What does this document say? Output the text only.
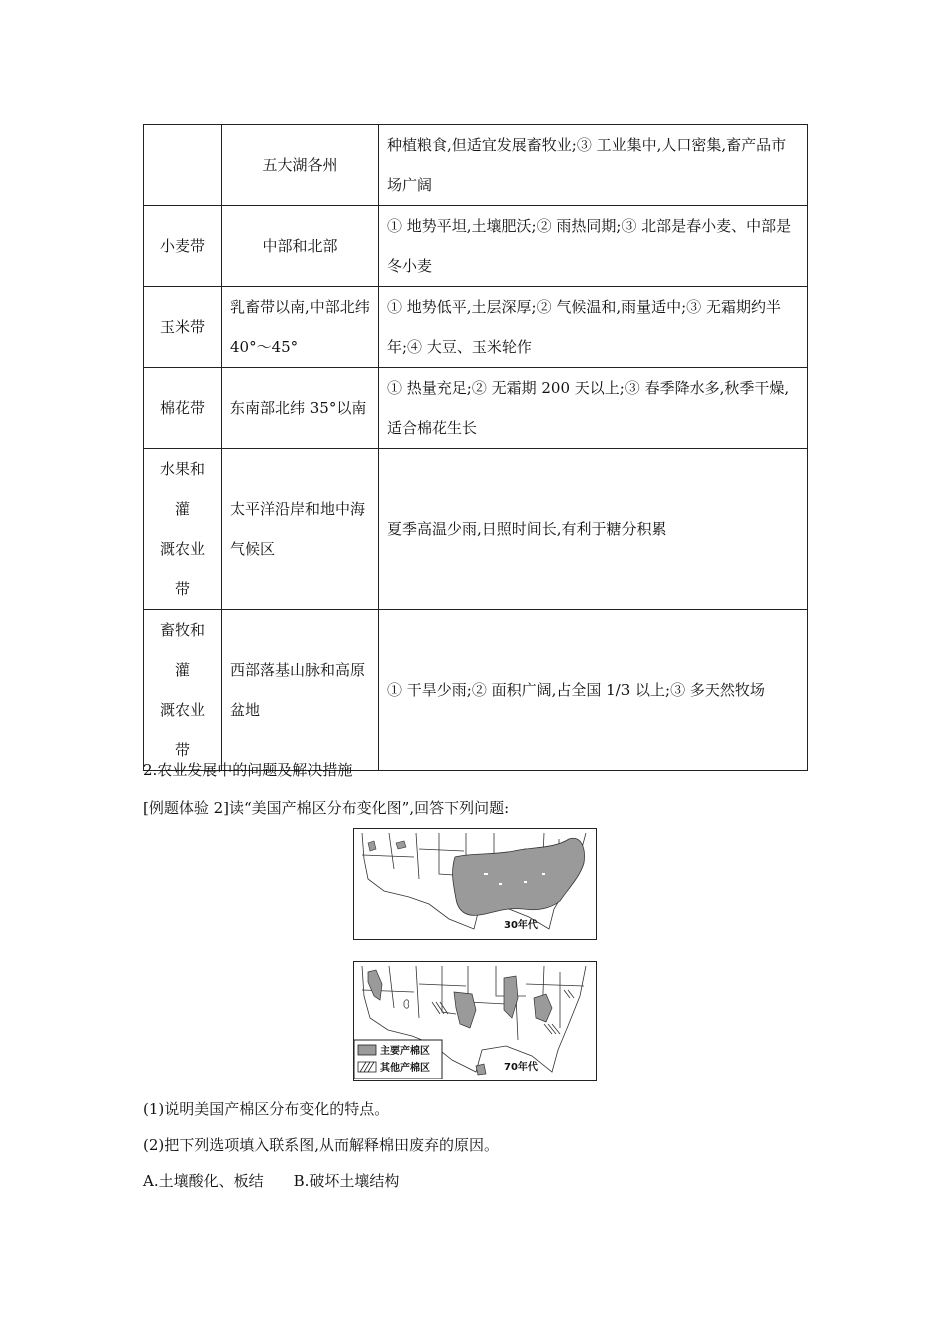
	五大湖各州	种植粮食,但适宜发展畜牧业;③ 工业集中,人口密集,畜产品市场广阔

小麦带	中部和北部	① 地势平坦,土壤肥沃;② 雨热同期;③ 北部是春小麦、中部是冬小麦

玉米带	乳畜带以南,中部北纬 40°～45°	① 地势低平,土层深厚;② 气候温和,雨量适中;③ 无霜期约半年;④ 大豆、玉米轮作

棉花带	东南部北纬 35°以南	① 热量充足;② 无霜期 200 天以上;③ 春季降水多,秋季干燥,适合棉花生长

水果和
灌
溉农业
带	太平洋沿岸和地中海气候区	夏季高温少雨,日照时间长,有利于糖分积累

畜牧和
灌
溉农业
带	西部落基山脉和高原盆地	① 干旱少雨;② 面积广阔,占全国 1/3 以上;③ 多天然牧场
2.农业发展中的问题及解决措施
[例题体验 2]读“美国产棉区分布变化图”,回答下列问题:
30年代
主要产棉区
其他产棉区	70年代
(1)说明美国产棉区分布变化的特点。
(2)把下列选项填入联系图,从而解释棉田废弃的原因。
A.土壤酸化、板结 B.破坏土壤结构
